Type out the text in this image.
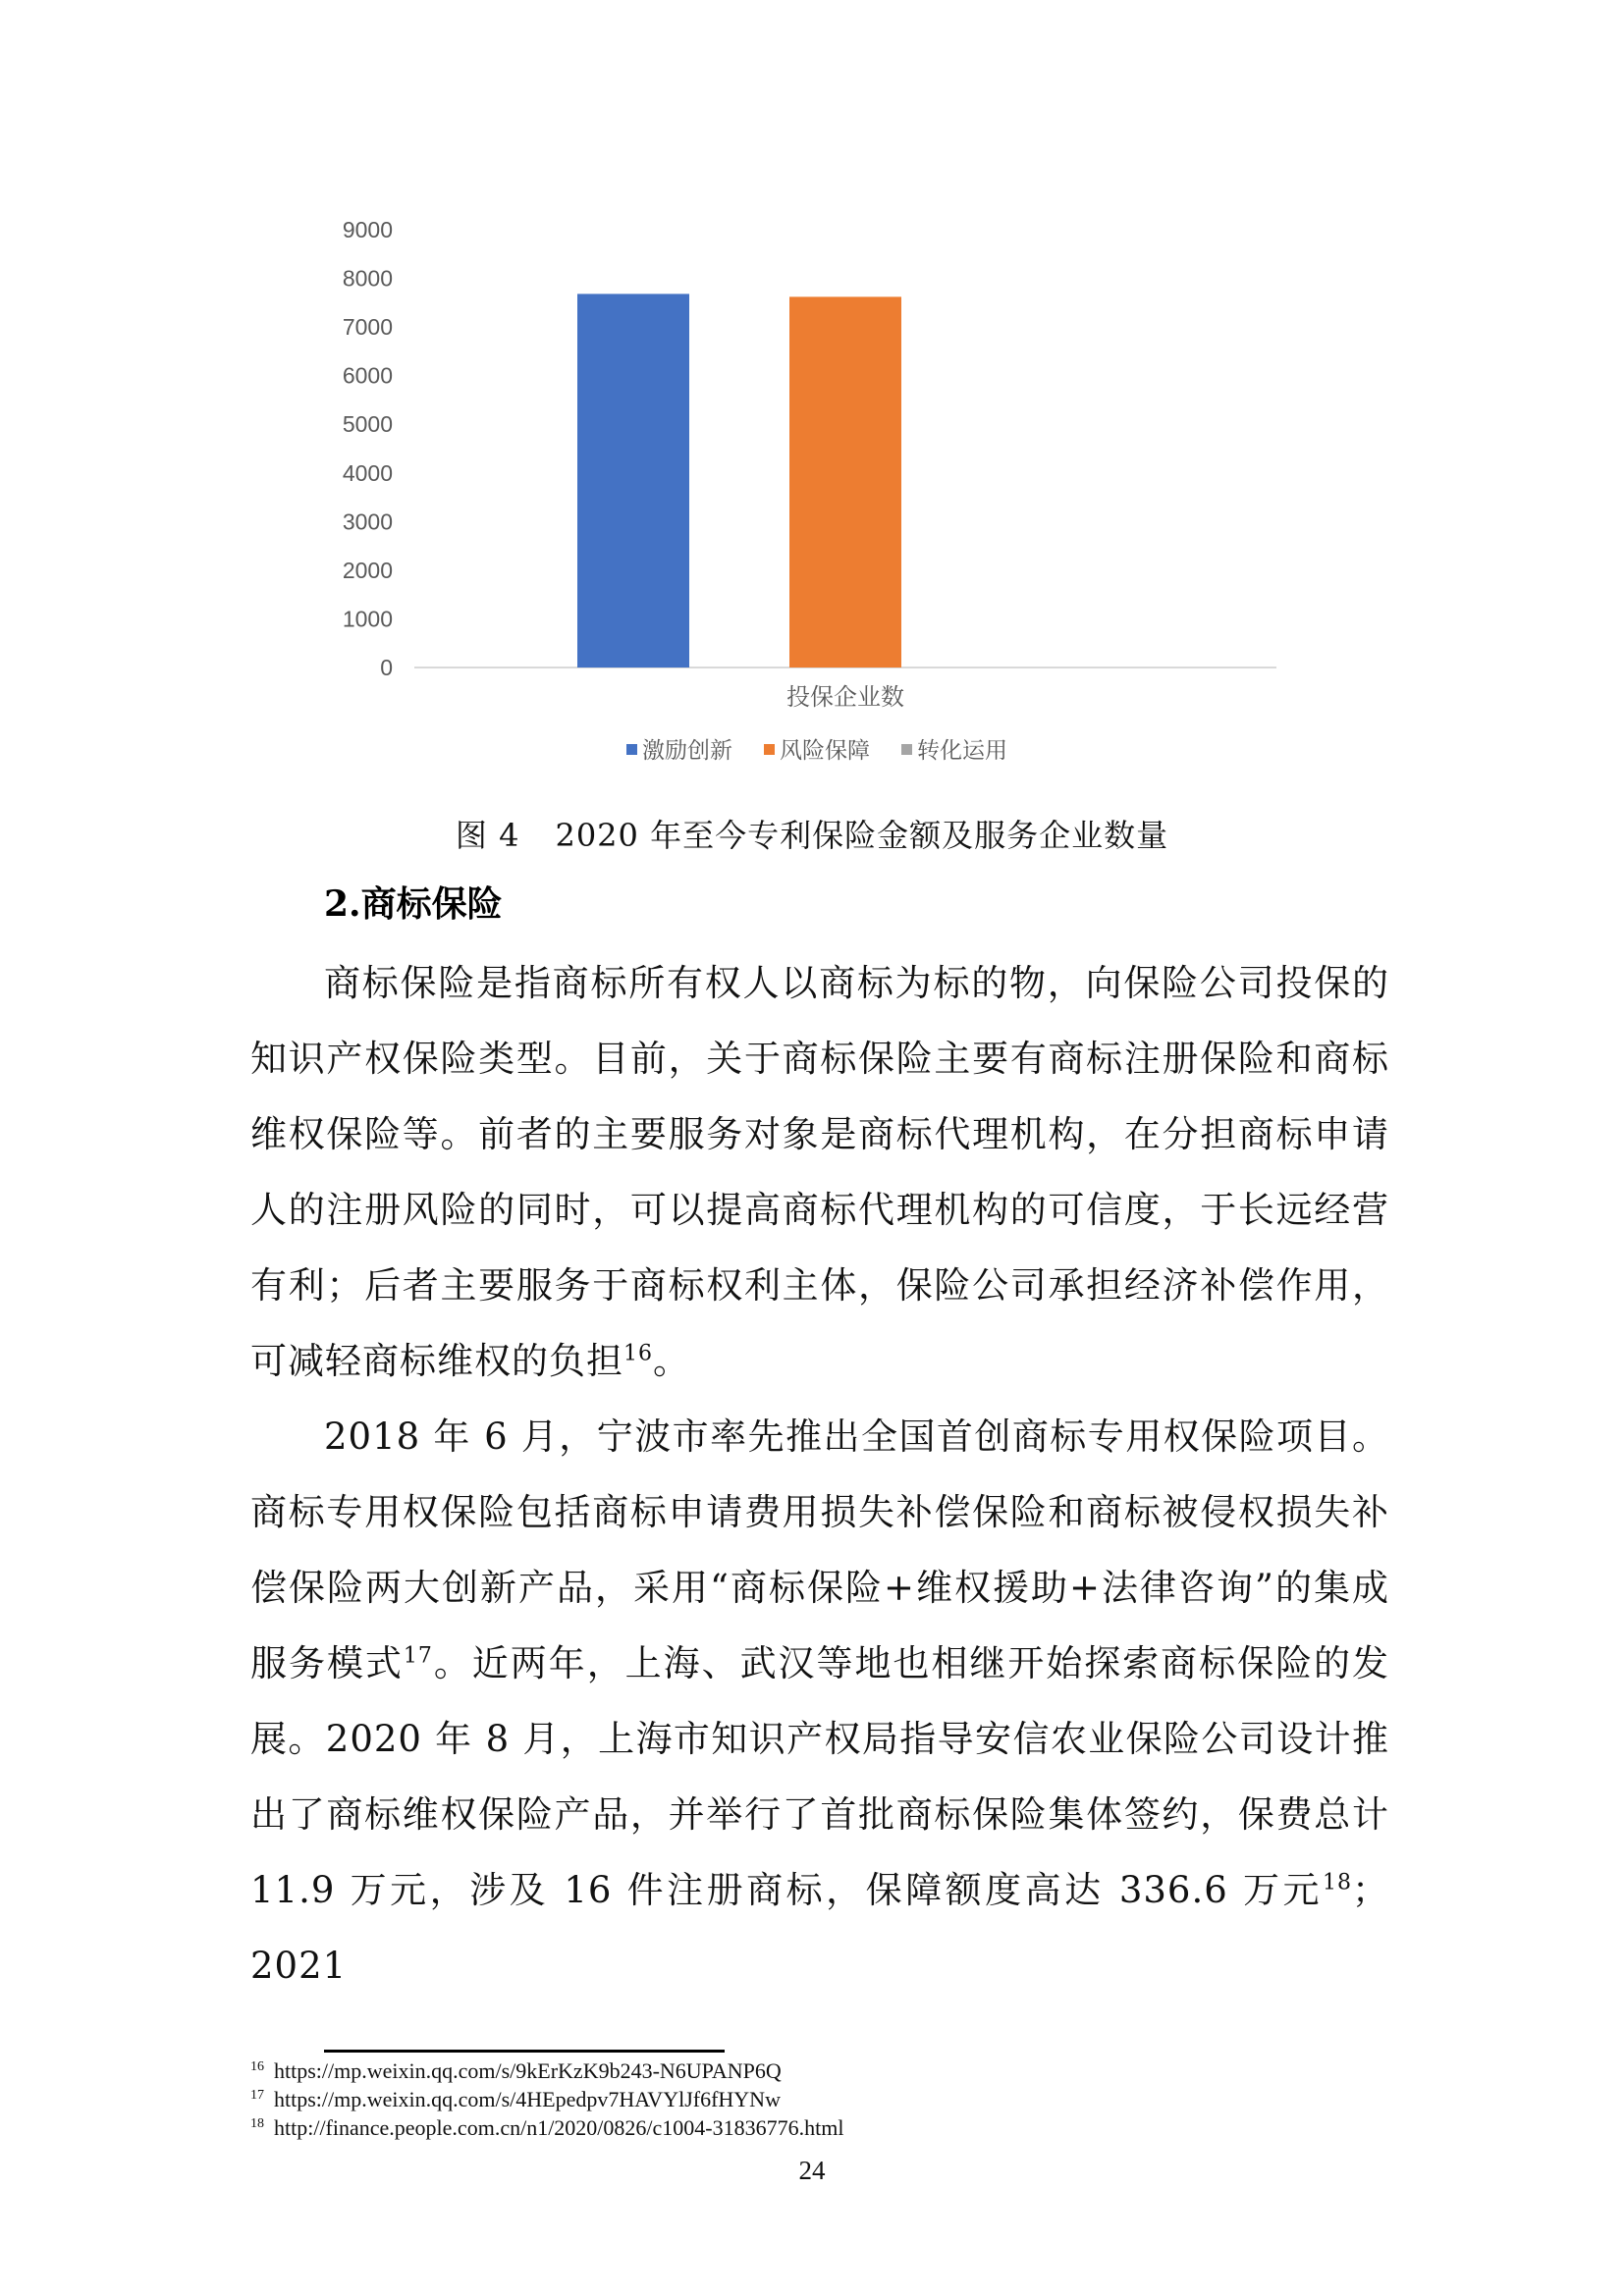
0
1000
2000
3000
4000
5000
6000
7000
8000
9000
投保企业数
激励创新 风险保障 转化运用
图 4 2020 年至今专利保险金额及服务企业数量
2.商标保险

商标保险是指商标所有权人以商标为标的物，向保险公司投保的知识产权保险类型。目前，关于商标保险主要有商标注册保险和商标维权保险等。前者的主要服务对象是商标代理机构，在分担商标申请人的注册风险的同时，可以提高商标代理机构的可信度，于长远经营有利；后者主要服务于商标权利主体，保险公司承担经济补偿作用，可减轻商标维权的负担$^{16}$。

2018 年 6 月，宁波市率先推出全国首创商标专用权保险项目。商标专用权保险包括商标申请费用损失补偿保险和商标被侵权损失补偿保险两大创新产品，采用“商标保险+维权援助+法律咨询”的集成服务模式$^{17}$。近两年，上海、武汉等地也相继开始探索商标保险的发展。2020 年 8 月，上海市知识产权局指导安信农业保险公司设计推出了商标维权保险产品，并举行了首批商标保险集体签约，保费总计 11.9 万元，涉及 16 件注册商标，保障额度高达 336.6 万元$^{18}$；2021

$^{16}$ https://mp.weixin.qq.com/s/9kErKzK9b243-N6UPANP6Q
$^{17}$ https://mp.weixin.qq.com/s/4HEpedpv7HAVYlJf6fHYNw
$^{18}$ http://finance.people.com.cn/n1/2020/0826/c1004-31836776.html
24
